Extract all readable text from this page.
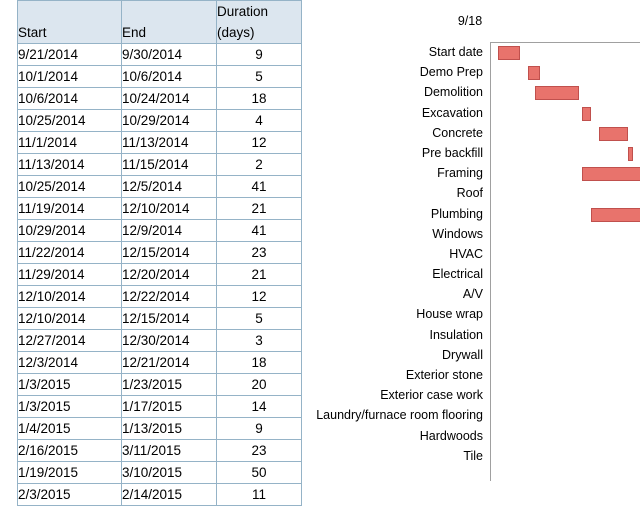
Start	End	Duration
(days)

9/21/2014	9/30/2014	9
10/1/2014	10/6/2014	5
10/6/2014	10/24/2014	18
10/25/2014	10/29/2014	4
11/1/2014	11/13/2014	12
11/13/2014	11/15/2014	2
10/25/2014	12/5/2014	41
11/19/2014	12/10/2014	21
10/29/2014	12/9/2014	41
11/22/2014	12/15/2014	23
11/29/2014	12/20/2014	21
12/10/2014	12/22/2014	12
12/10/2014	12/15/2014	5
12/27/2014	12/30/2014	3
12/3/2014	12/21/2014	18
1/3/2015	1/23/2015	20
1/3/2015	1/17/2015	14
1/4/2015	1/13/2015	9
2/16/2015	3/11/2015	23
1/19/2015	3/10/2015	50
2/3/2015	2/14/2015	11
9/18
Start date
Demo Prep
Demolition
Excavation
Concrete
Pre backfill
Framing
Roof
Plumbing
Windows
HVAC
Electrical
A/V
House wrap
Insulation
Drywall
Exterior stone
Exterior case work
Laundry/furnace room flooring
Hardwoods
Tile
